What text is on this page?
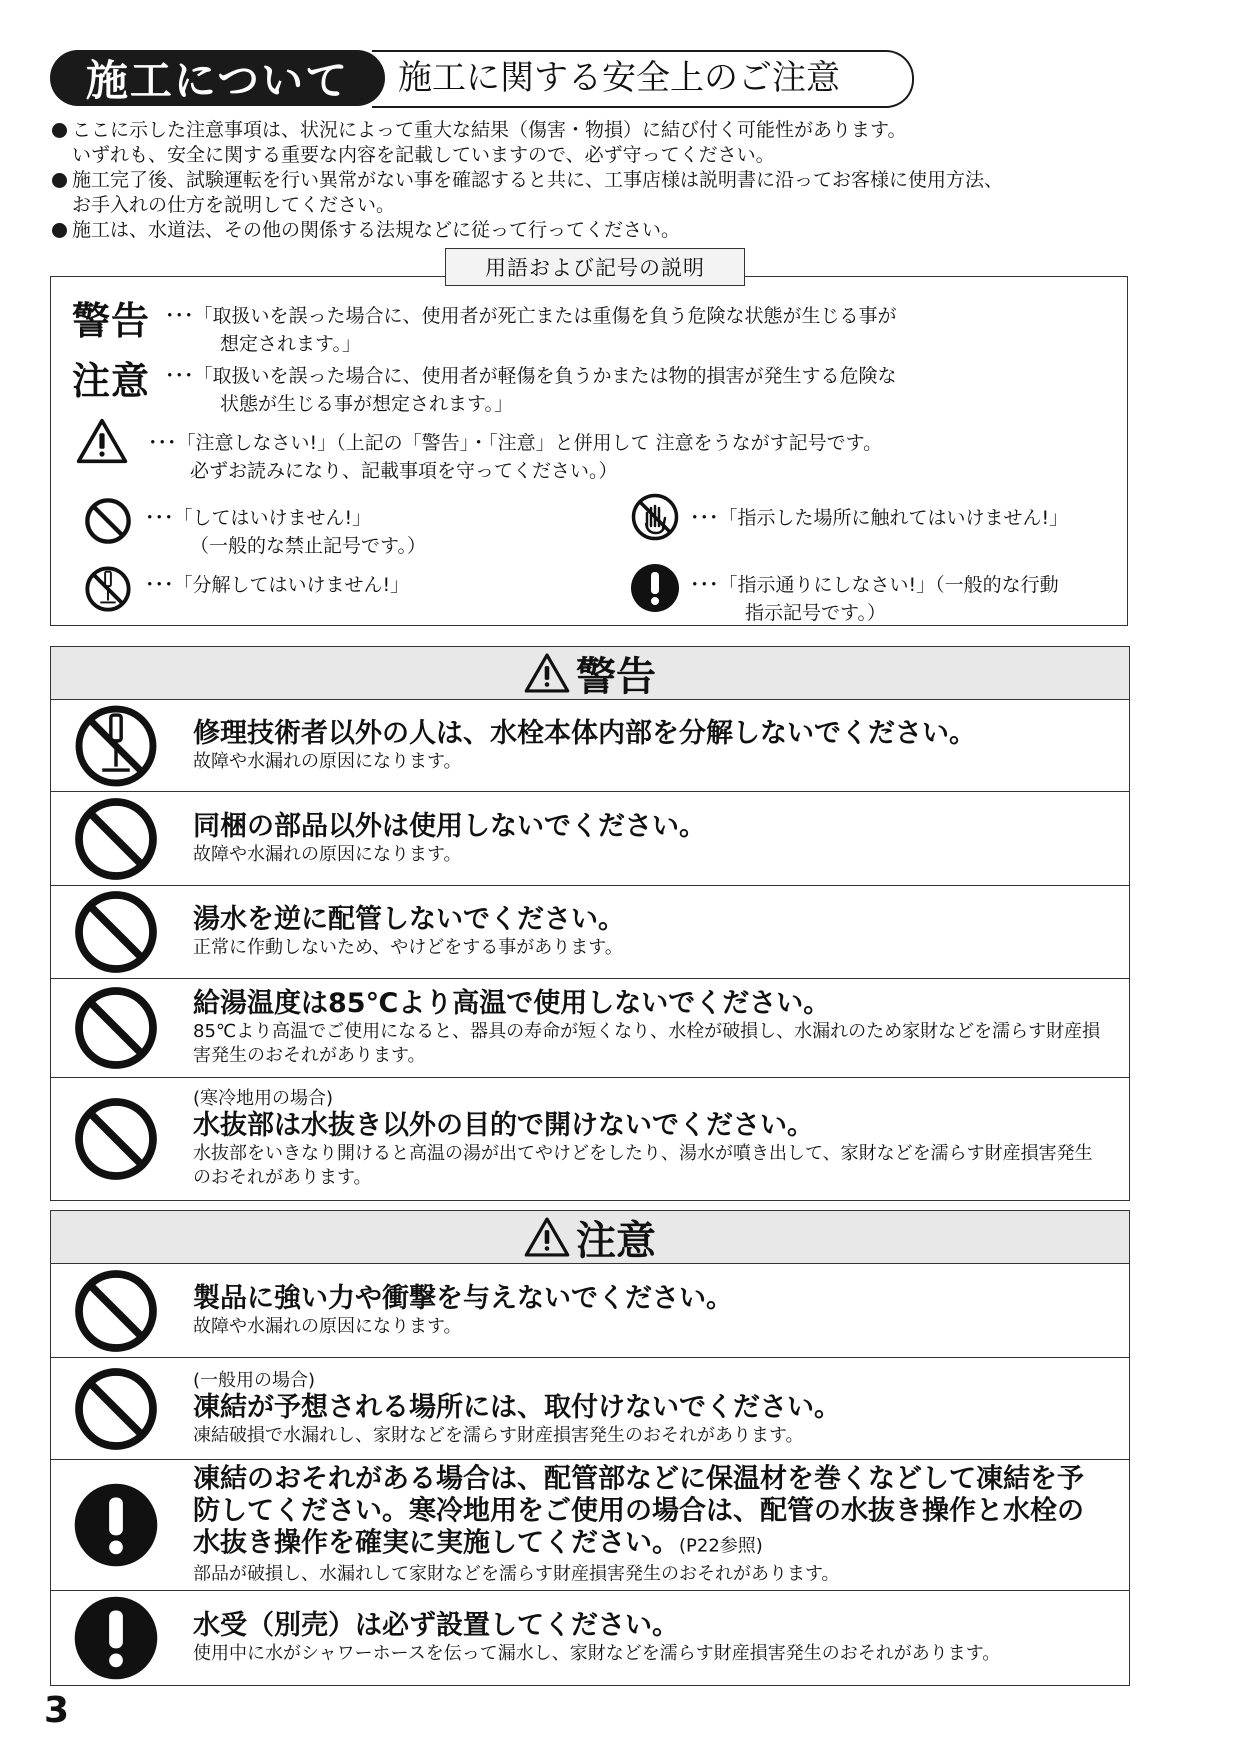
施工について	施工に関する安全上のご注意
ここに示した注意事項は、状況によって重大な結果（傷害・物損）に結び付く可能性があります。
いずれも、安全に関する重要な内容を記載していますので、必ず守ってください。
施工完了後、試験運転を行い異常がない事を確認すると共に、工事店様は説明書に沿ってお客様に使用方法、
お手入れの仕方を説明してください。
施工は、水道法、その他の関係する法規などに従って行ってください。
用語および記号の説明
警告 ･･･「取扱いを誤った場合に、使用者が死亡または重傷を負う危険な状態が生じる事が
想定されます。」
注意 ･･･「取扱いを誤った場合に、使用者が軽傷を負うかまたは物的損害が発生する危険な
状態が生じる事が想定されます。」
･･･「注意しなさい!」（上記の「警告」・「注意」と併用して 注意をうながす記号です。
必ずお読みになり、記載事項を守ってください。）
･･･「してはいけません!」
（一般的な禁止記号です。）
･･･「分解してはいけません!」
･･･「指示した場所に触れてはいけません!」
･･･「指示通りにしなさい!」（一般的な行動
指示記号です。）
警告
修理技術者以外の人は、水栓本体内部を分解しないでください。
故障や水漏れの原因になります。
同梱の部品以外は使用しないでください。
故障や水漏れの原因になります。
湯水を逆に配管しないでください。
正常に作動しないため、やけどをする事があります。
給湯温度は85℃より高温で使用しないでください。
85℃より高温でご使用になると、器具の寿命が短くなり、水栓が破損し、水漏れのため家財などを濡らす財産損害発生のおそれがあります。
(寒冷地用の場合)
水抜部は水抜き以外の目的で開けないでください。
水抜部をいきなり開けると高温の湯が出てやけどをしたり、湯水が噴き出して、家財などを濡らす財産損害発生のおそれがあります。
注意
製品に強い力や衝撃を与えないでください。
故障や水漏れの原因になります。
(一般用の場合)
凍結が予想される場所には、取付けないでください。
凍結破損で水漏れし、家財などを濡らす財産損害発生のおそれがあります。
凍結のおそれがある場合は、配管部などに保温材を巻くなどして凍結を予防してください。寒冷地用をご使用の場合は、配管の水抜き操作と水栓の水抜き操作を確実に実施してください。(P22参照)
部品が破損し、水漏れして家財などを濡らす財産損害発生のおそれがあります。
水受（別売）は必ず設置してください。
使用中に水がシャワーホースを伝って漏水し、家財などを濡らす財産損害発生のおそれがあります。
3
